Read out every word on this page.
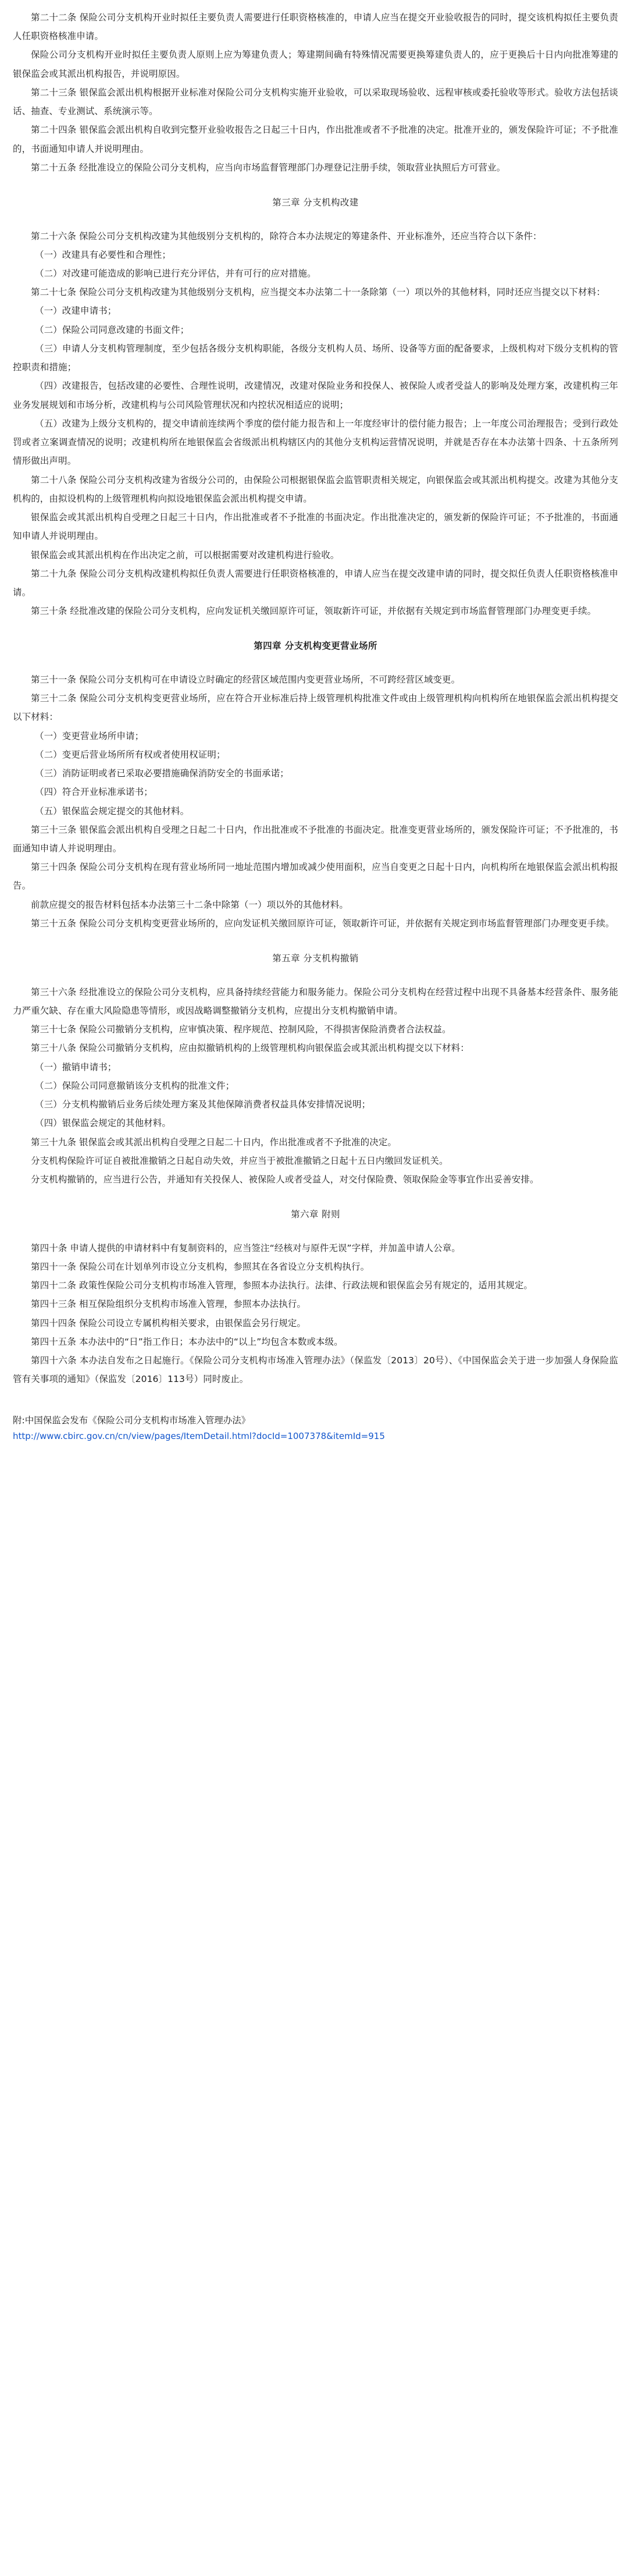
第二十二条 保险公司分支机构开业时拟任主要负责人需要进行任职资格核准的，申请人应当在提交开业验收报告的同时，提交该机构拟任主要负责人任职资格核准申请。

保险公司分支机构开业时拟任主要负责人原则上应为筹建负责人；筹建期间确有特殊情况需要更换筹建负责人的，应于更换后十日内向批准筹建的银保监会或其派出机构报告，并说明原因。

第二十三条 银保监会派出机构根据开业标准对保险公司分支机构实施开业验收，可以采取现场验收、远程审核或委托验收等形式。验收方法包括谈话、抽查、专业测试、系统演示等。

第二十四条 银保监会派出机构自收到完整开业验收报告之日起三十日内，作出批准或者不予批准的决定。批准开业的，颁发保险许可证；不予批准的，书面通知申请人并说明理由。

第二十五条 经批准设立的保险公司分支机构，应当向市场监督管理部门办理登记注册手续，领取营业执照后方可营业。

第三章 分支机构改建

第二十六条 保险公司分支机构改建为其他级别分支机构的，除符合本办法规定的筹建条件、开业标准外，还应当符合以下条件：

（一）改建具有必要性和合理性；

（二）对改建可能造成的影响已进行充分评估，并有可行的应对措施。

第二十七条 保险公司分支机构改建为其他级别分支机构，应当提交本办法第二十一条除第（一）项以外的其他材料，同时还应当提交以下材料：

（一）改建申请书；

（二）保险公司同意改建的书面文件；

（三）申请人分支机构管理制度，至少包括各级分支机构职能，各级分支机构人员、场所、设备等方面的配备要求，上级机构对下级分支机构的管控职责和措施；

（四）改建报告，包括改建的必要性、合理性说明，改建情况，改建对保险业务和投保人、被保险人或者受益人的影响及处理方案，改建机构三年业务发展规划和市场分析，改建机构与公司风险管理状况和内控状况相适应的说明；

（五）改建为上级分支机构的，提交申请前连续两个季度的偿付能力报告和上一年度经审计的偿付能力报告；上一年度公司治理报告；受到行政处罚或者立案调查情况的说明；改建机构所在地银保监会省级派出机构辖区内的其他分支机构运营情况说明，并就是否存在本办法第十四条、十五条所列情形做出声明。

第二十八条 保险公司分支机构改建为省级分公司的，由保险公司根据银保监会监管职责相关规定，向银保监会或其派出机构提交。改建为其他分支机构的，由拟设机构的上级管理机构向拟设地银保监会派出机构提交申请。

银保监会或其派出机构自受理之日起三十日内，作出批准或者不予批准的书面决定。作出批准决定的，颁发新的保险许可证；不予批准的，书面通知申请人并说明理由。

银保监会或其派出机构在作出决定之前，可以根据需要对改建机构进行验收。

第二十九条 保险公司分支机构改建机构拟任负责人需要进行任职资格核准的，申请人应当在提交改建申请的同时，提交拟任负责人任职资格核准申请。

第三十条 经批准改建的保险公司分支机构，应向发证机关缴回原许可证，领取新许可证，并依据有关规定到市场监督管理部门办理变更手续。

第四章 分支机构变更营业场所

第三十一条 保险公司分支机构可在申请设立时确定的经营区域范围内变更营业场所，不可跨经营区域变更。

第三十二条 保险公司分支机构变更营业场所，应在符合开业标准后持上级管理机构批准文件或由上级管理机构向机构所在地银保监会派出机构提交以下材料：

（一）变更营业场所申请；

（二）变更后营业场所所有权或者使用权证明；

（三）消防证明或者已采取必要措施确保消防安全的书面承诺；

（四）符合开业标准承诺书；

（五）银保监会规定提交的其他材料。

第三十三条 银保监会派出机构自受理之日起二十日内，作出批准或不予批准的书面决定。批准变更营业场所的，颁发保险许可证；不予批准的，书面通知申请人并说明理由。

第三十四条 保险公司分支机构在现有营业场所同一地址范围内增加或减少使用面积，应当自变更之日起十日内，向机构所在地银保监会派出机构报告。

前款应提交的报告材料包括本办法第三十二条中除第（一）项以外的其他材料。

第三十五条 保险公司分支机构变更营业场所的，应向发证机关缴回原许可证，领取新许可证，并依据有关规定到市场监督管理部门办理变更手续。

第五章 分支机构撤销

第三十六条 经批准设立的保险公司分支机构，应具备持续经营能力和服务能力。保险公司分支机构在经营过程中出现不具备基本经营条件、服务能力严重欠缺、存在重大风险隐患等情形，或因战略调整撤销分支机构，应提出分支机构撤销申请。

第三十七条 保险公司撤销分支机构，应审慎决策、程序规范、控制风险，不得损害保险消费者合法权益。

第三十八条 保险公司撤销分支机构，应由拟撤销机构的上级管理机构向银保监会或其派出机构提交以下材料：

（一）撤销申请书；

（二）保险公司同意撤销该分支机构的批准文件；

（三）分支机构撤销后业务后续处理方案及其他保障消费者权益具体安排情况说明；

（四）银保监会规定的其他材料。

第三十九条 银保监会或其派出机构自受理之日起二十日内，作出批准或者不予批准的决定。

分支机构保险许可证自被批准撤销之日起自动失效，并应当于被批准撤销之日起十五日内缴回发证机关。

分支机构撤销的，应当进行公告，并通知有关投保人、被保险人或者受益人，对交付保险费、领取保险金等事宜作出妥善安排。

第六章 附则

第四十条 申请人提供的申请材料中有复制资料的，应当签注“经核对与原件无误”字样，并加盖申请人公章。

第四十一条 保险公司在计划单列市设立分支机构，参照其在各省设立分支机构执行。

第四十二条 政策性保险公司分支机构市场准入管理，参照本办法执行。法律、行政法规和银保监会另有规定的，适用其规定。

第四十三条 相互保险组织分支机构市场准入管理，参照本办法执行。

第四十四条 保险公司设立专属机构相关要求，由银保监会另行规定。

第四十五条 本办法中的“日”指工作日；本办法中的“以上”均包含本数或本级。

第四十六条 本办法自发布之日起施行。《保险公司分支机构市场准入管理办法》（保监发〔2013〕20号）、《中国保监会关于进一步加强人身保险监管有关事项的通知》（保监发〔2016〕113号）同时废止。

附:中国保监会发布《保险公司分支机构市场准入管理办法》
http://www.cbirc.gov.cn/cn/view/pages/ItemDetail.html?docId=1007378&itemId=915
